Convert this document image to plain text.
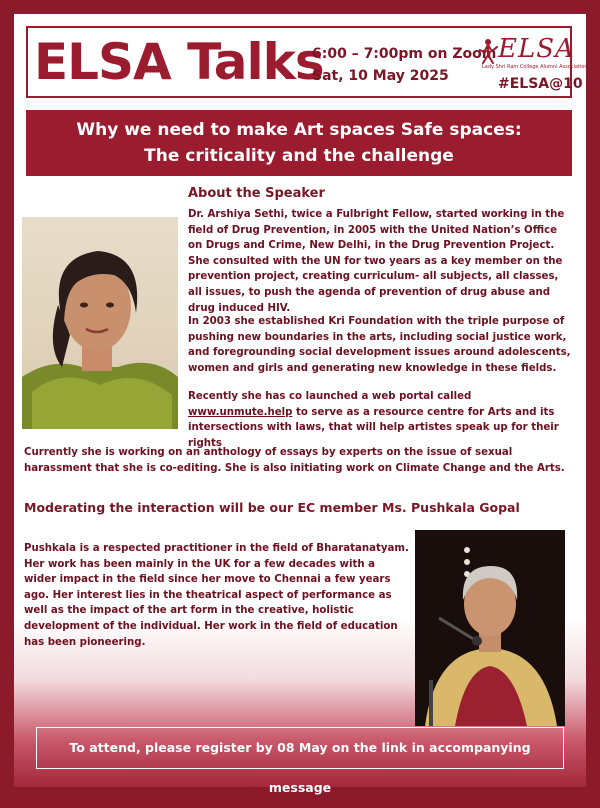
ELSA Talks
6:00 – 7:00pm on Zoom
Sat, 10 May 2025
ELSA
Lady Shri Ram College Alumni Association
#ELSA@10
Why we need to make Art spaces Safe spaces:
The criticality and the challenge
About the Speaker
Dr. Arshiya Sethi, twice a Fulbright Fellow, started working in the field of Drug Prevention, in 2005 with the United Nation’s Office on Drugs and Crime, New Delhi, in the Drug Prevention Project. She consulted with the UN for two years as a key member on the prevention project, creating curriculum- all subjects, all classes, all issues, to push the agenda of prevention of drug abuse and drug induced HIV.
In 2003 she established Kri Foundation with the triple purpose of pushing new boundaries in the arts, including social justice work, and foregrounding social development issues around adolescents, women and girls and generating new knowledge in these fields.
Recently she has co launched a web portal called www.unmute.help to serve as a resource centre for Arts and its intersections with laws, that will help artistes speak up for their rights
Currently she is working on an anthology of essays by experts on the issue of sexual harassment that she is co-editing. She is also initiating work on Climate Change and the Arts.
Moderating the interaction will be our EC member Ms. Pushkala Gopal
Pushkala is a respected practitioner in the field of Bharatanatyam. Her work has been mainly in the UK for a few decades with a wider impact in the field since her move to Chennai a few years ago. Her interest lies in the theatrical aspect of performance as well as the impact of the art form in the creative, holistic development of the individual. Her work in the field of education has been pioneering.
To attend, please register by 08 May on the link in accompanying message
